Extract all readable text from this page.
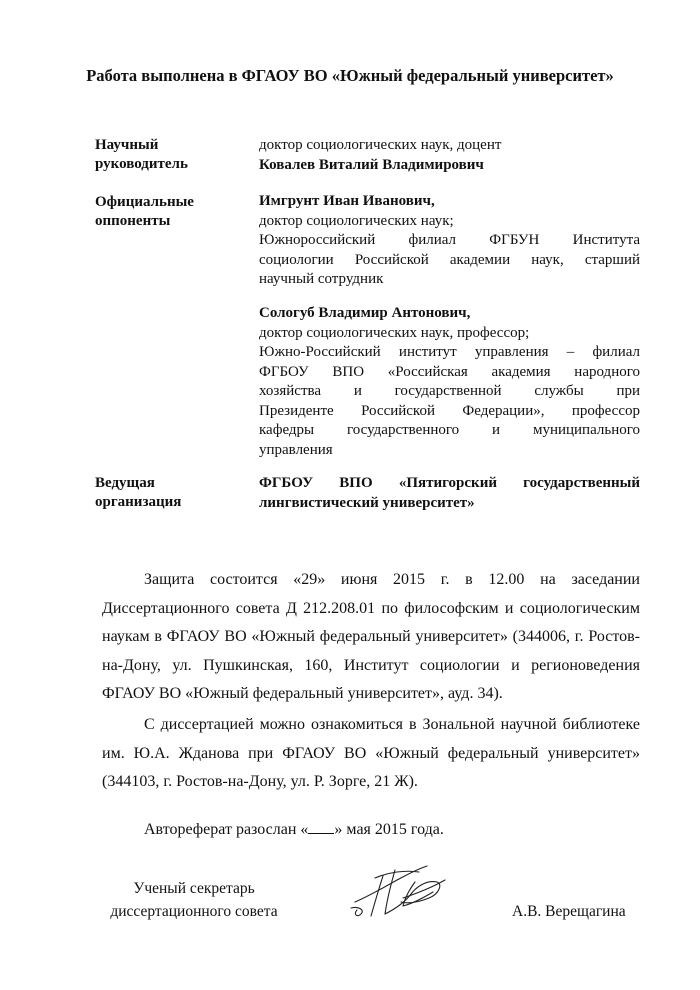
Работа выполнена в ФГАОУ ВО «Южный федеральный университет»
Научный
руководитель
доктор социологических наук, доцент
Ковалев Виталий Владимирович
Официальные
оппоненты
Имгрунт Иван Иванович,
доктор социологических наук;
Южнороссийский филиал ФГБУН Института
социологии Российской академии наук, старший
научный сотрудник
Сологуб Владимир Антонович,
доктор социологических наук, профессор;
Южно-Российский институт управления – филиал
ФГБОУ ВПО «Российская академия народного
хозяйства и государственной службы при
Президенте Российской Федерации», профессор
кафедры государственного и муниципального
управления
Ведущая
организация
ФГБОУ ВПО «Пятигорский государственный
лингвистический университет»

Защита состоится «29» июня 2015 г. в 12.00 на заседании Диссертационного совета Д 212.208.01 по философским и социологическим наукам в ФГАОУ ВО «Южный федеральный университет» (344006, г. Ростов-на-Дону, ул. Пушкинская, 160, Институт социологии и регионоведения ФГАОУ ВО «Южный федеральный университет», ауд. 34).

С диссертацией можно ознакомиться в Зональной научной библиотеке им. Ю.А. Жданова при ФГАОУ ВО «Южный федеральный университет» (344103, г. Ростов-на-Дону, ул. Р. Зорге, 21 Ж).

Автореферат разослан « » мая 2015 года.

Ученый секретарь
диссертационного совета	А.В. Верещагина
